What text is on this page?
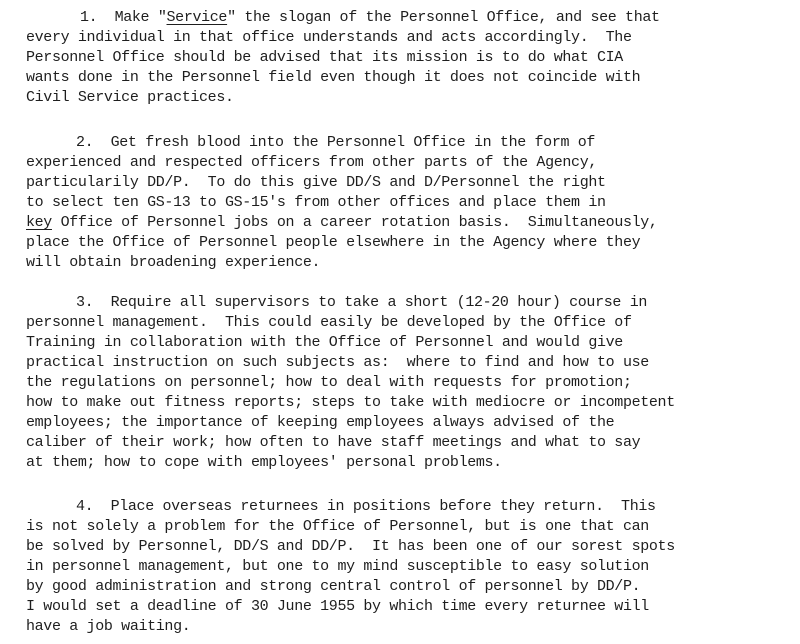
1.  Make "Service" the slogan of the Personnel Office, and see that
every individual in that office understands and acts accordingly.  The
Personnel Office should be advised that its mission is to do what CIA
wants done in the Personnel field even though it does not coincide with
Civil Service practices.
2.  Get fresh blood into the Personnel Office in the form of
experienced and respected officers from other parts of the Agency,
particularily DD/P.  To do this give DD/S and D/Personnel the right
to select ten GS-13 to GS-15's from other offices and place them in
key Office of Personnel jobs on a career rotation basis.  Simultaneously,
place the Office of Personnel people elsewhere in the Agency where they
will obtain broadening experience.
3.  Require all supervisors to take a short (12-20 hour) course in
personnel management.  This could easily be developed by the Office of
Training in collaboration with the Office of Personnel and would give
practical instruction on such subjects as:  where to find and how to use
the regulations on personnel; how to deal with requests for promotion;
how to make out fitness reports; steps to take with mediocre or incompetent
employees; the importance of keeping employees always advised of the
caliber of their work; how often to have staff meetings and what to say
at them; how to cope with employees' personal problems.
4.  Place overseas returnees in positions before they return.  This
is not solely a problem for the Office of Personnel, but is one that can
be solved by Personnel, DD/S and DD/P.  It has been one of our sorest spots
in personnel management, but one to my mind susceptible to easy solution
by good administration and strong central control of personnel by DD/P.
I would set a deadline of 30 June 1955 by which time every returnee will
have a job waiting.
